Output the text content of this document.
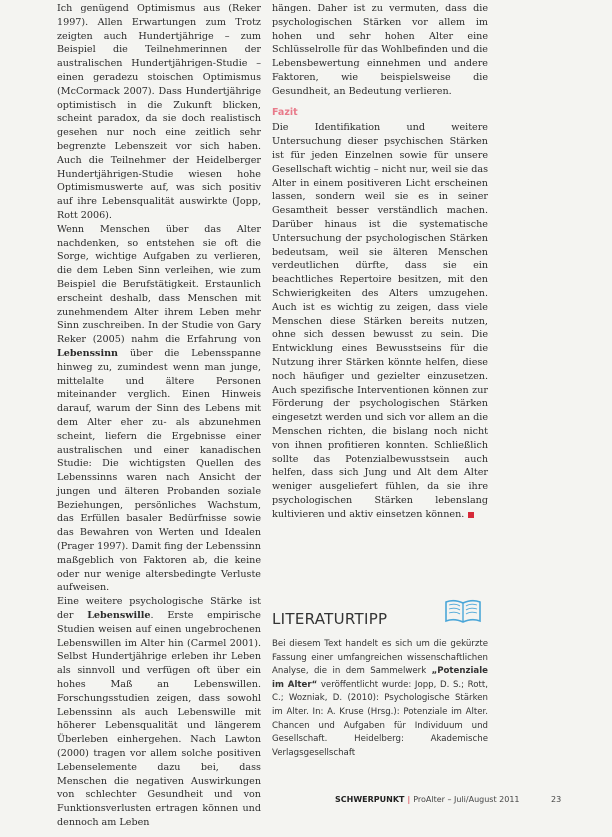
Ich genügend Optimismus aus (Reker 1997). Allen Erwartungen zum Trotz zeigten auch Hundertjährige – zum Beispiel die Teilnehmerinnen der australischen Hundertjährigen-Studie – einen geradezu stoischen Optimismus (McCormack 2007). Dass Hundertjährige optimistisch in die Zukunft blicken, scheint paradox, da sie doch realistisch gesehen nur noch eine zeitlich sehr begrenzte Lebenszeit vor sich haben. Auch die Teilnehmer der Heidelberger Hundertjährigen-Studie wiesen hohe Optimismuswerte auf, was sich positiv auf ihre Lebensqualität auswirkte (Jopp, Rott 2006).

Wenn Menschen über das Alter nachdenken, so entstehen sie oft die Sorge, wichtige Aufgaben zu verlieren, die dem Leben Sinn verleihen, wie zum Beispiel die Berufstätigkeit. Erstaunlich erscheint deshalb, dass Menschen mit zunehmendem Alter ihrem Leben mehr Sinn zuschreiben. In der Studie von Gary Reker (2005) nahm die Erfahrung von Lebenssinn über die Lebensspanne hinweg zu, zumindest wenn man junge, mittelalte und ältere Personen miteinander verglich. Einen Hinweis darauf, warum der Sinn des Lebens mit dem Alter eher zu- als abzunehmen scheint, liefern die Ergebnisse einer australischen und einer kanadischen Studie: Die wichtigsten Quellen des Lebenssinns waren nach Ansicht der jungen und älteren Probanden soziale Beziehungen, persönliches Wachstum, das Erfüllen basaler Bedürfnisse sowie das Bewahren von Werten und Idealen (Prager 1997). Damit fing der Lebenssinn maßgeblich von Faktoren ab, die keine oder nur wenige altersbedingte Verluste aufweisen.

Eine weitere psychologische Stärke ist der Lebenswille. Erste empirische Studien weisen auf einen ungebrochenen Lebenswillen im Alter hin (Carmel 2001). Selbst Hundertjährige erleben ihr Leben als sinnvoll und verfügen oft über ein hohes Maß an Lebenswillen. Forschungsstudien zeigen, dass sowohl Lebenssinn als auch Lebenswille mit höherer Lebensqualität und längerem Überleben einhergehen. Nach Lawton (2000) tragen vor allem solche positiven Lebenselemente dazu bei, dass Menschen die negativen Auswirkungen von schlechter Gesundheit und von Funktionsverlusten ertragen können und dennoch am Leben

hängen. Daher ist zu vermuten, dass die psychologischen Stärken vor allem im hohen und sehr hohen Alter eine Schlüsselrolle für das Wohlbefinden und die Lebensbewertung einnehmen und andere Faktoren, wie beispielsweise die Gesundheit, an Bedeutung verlieren.

Fazit

Die Identifikation und weitere Untersuchung dieser psychischen Stärken ist für jeden Einzelnen sowie für unsere Gesellschaft wichtig – nicht nur, weil sie das Alter in einem positiveren Licht erscheinen lassen, sondern weil sie es in seiner Gesamtheit besser verständlich machen. Darüber hinaus ist die systematische Untersuchung der psychologischen Stärken bedeutsam, weil sie älteren Menschen verdeutlichen dürfte, dass sie ein beachtliches Repertoire besitzen, mit den Schwierigkeiten des Alters umzugehen. Auch ist es wichtig zu zeigen, dass viele Menschen diese Stärken bereits nutzen, ohne sich dessen bewusst zu sein. Die Entwicklung eines Bewusstseins für die Nutzung ihrer Stärken könnte helfen, diese noch häufiger und gezielter einzusetzen. Auch spezifische Interventionen können zur Förderung der psychologischen Stärken eingesetzt werden und sich vor allem an die Menschen richten, die bislang noch nicht von ihnen profitieren konnten. Schließlich sollte das Potenzialbewusstsein auch helfen, dass sich Jung und Alt dem Alter weniger ausgeliefert fühlen, da sie ihre psychologischen Stärken lebenslang kultivieren und aktiv einsetzen können.

LITERATURTIPP
Bei diesem Text handelt es sich um die gekürzte Fassung einer umfangreichen wissenschaftlichen Analyse, die in dem Sammelwerk „Potenziale im Alter“ veröffentlicht wurde: Jopp, D. S.; Rott, C.; Wozniak, D. (2010): Psychologische Stärken im Alter. In: A. Kruse (Hrsg.): Potenziale im Alter. Chancen und Aufgaben für Individuum und Gesellschaft. Heidelberg: Akademische Verlagsgesellschaft
SCHWERPUNKT | ProAlter – Juli/August 2011	23
